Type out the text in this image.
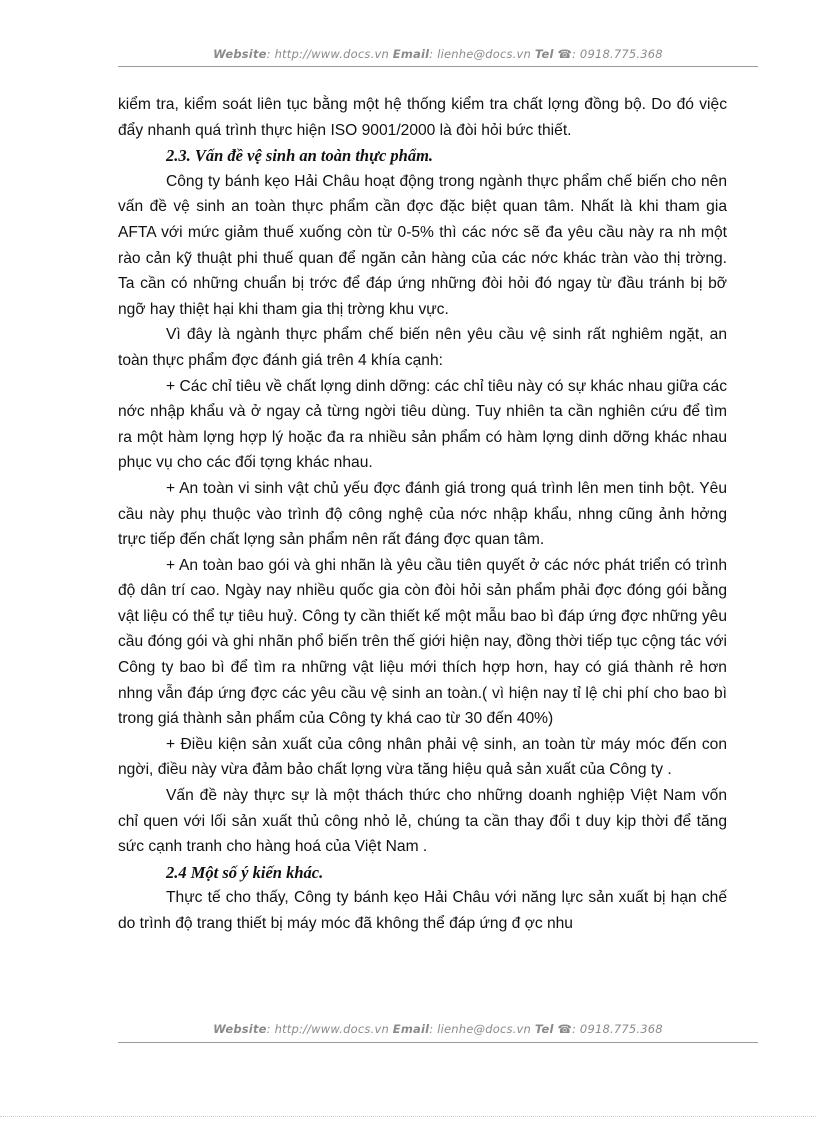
Website: http://www.docs.vn Email: lienhe@docs.vn Tel ☎: 0918.775.368

kiểm tra, kiểm soát liên tục bằng một hệ thống kiểm tra chất lợng đồng bộ. Do đó việc đẩy nhanh quá trình thực hiện ISO 9001/2000 là đòi hỏi bức thiết.

2.3. Vấn đề vệ sinh an toàn thực phẩm.

Công ty bánh kẹo Hải Châu hoạt động trong ngành thực phẩm chế biến cho nên vấn đề vệ sinh an toàn thực phẩm cần đợc đặc biệt quan tâm. Nhất là khi tham gia AFTA với mức giảm thuế xuống còn từ 0-5% thì các nớc sẽ đa yêu cầu này ra nh một rào cản kỹ thuật phi thuế quan để ngăn cản hàng của các nớc khác tràn vào thị trờng. Ta cần có những chuẩn bị trớc để đáp ứng những đòi hỏi đó ngay từ đầu tránh bị bỡ ngỡ hay thiệt hại khi tham gia thị trờng khu vực.

Vì đây là ngành thực phẩm chế biến nên yêu cầu vệ sinh rất nghiêm ngặt, an toàn thực phẩm đợc đánh giá trên 4 khía cạnh:

+ Các chỉ tiêu về chất lợng dinh dỡng: các chỉ tiêu này có sự khác nhau giữa các nớc nhập khẩu và ở ngay cả từng ngời tiêu dùng. Tuy nhiên ta cần nghiên cứu để tìm ra một hàm lợng hợp lý hoặc đa ra nhiều sản phẩm có hàm lợng dinh dỡng khác nhau phục vụ cho các đối tợng khác nhau.

+ An toàn vi sinh vật chủ yếu đợc đánh giá trong quá trình lên men tinh bột. Yêu cầu này phụ thuộc vào trình độ công nghệ của nớc nhập khẩu, nhng cũng ảnh hởng trực tiếp đến chất lợng sản phẩm nên rất đáng đợc quan tâm.

+ An toàn bao gói và ghi nhãn là yêu cầu tiên quyết ở các nớc phát triển có trình độ dân trí cao. Ngày nay nhiều quốc gia còn đòi hỏi sản phẩm phải đợc đóng gói bằng vật liệu có thể tự tiêu huỷ. Công ty cần thiết kế một mẫu bao bì đáp ứng đợc những yêu cầu đóng gói và ghi nhãn phổ biến trên thế giới hiện nay, đồng thời tiếp tục cộng tác với Công ty bao bì để tìm ra những vật liệu mới thích hợp hơn, hay có giá thành rẻ hơn nhng vẫn đáp ứng đợc các yêu cầu vệ sinh an toàn.( vì hiện nay tỉ lệ chi phí cho bao bì trong giá thành sản phẩm của Công ty khá cao từ 30 đến 40%)

+ Điều kiện sản xuất của công nhân phải vệ sinh, an toàn từ máy móc đến con ngời, điều này vừa đảm bảo chất lợng vừa tăng hiệu quả sản xuất của Công ty .

Vấn đề này thực sự là một thách thức cho những doanh nghiệp Việt Nam vốn chỉ quen với lối sản xuất thủ công nhỏ lẻ, chúng ta cần thay đổi t duy kịp thời để tăng sức cạnh tranh cho hàng hoá của Việt Nam .

2.4 Một số ý kiến khác.

Thực tế cho thấy, Công ty bánh kẹo Hải Châu với năng lực sản xuất bị hạn chế do trình độ trang thiết bị máy móc đã không thể đáp ứng đ ợc nhu

Website: http://www.docs.vn Email: lienhe@docs.vn Tel ☎: 0918.775.368
